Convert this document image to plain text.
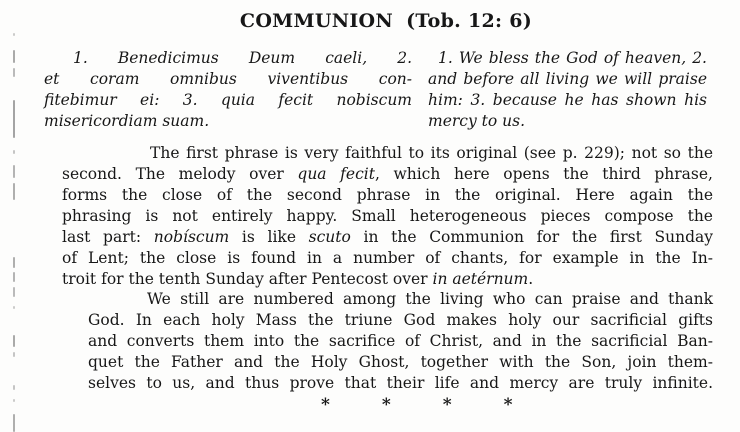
COMMUNION (Tob. 12: 6)
1. Benedicimus Deum caeli, 2.
et coram omnibus viventibus con-
fitebimur ei: 3. quia fecit nobiscum
misericordiam suam.
1. We bless the God of heaven, 2.
and before all living we will praise
him: 3. because he has shown his
mercy to us.
The first phrase is very faithful to its original (see p. 229); not so the
second. The melody over qua fecit, which here opens the third phrase,
forms the close of the second phrase in the original. Here again the
phrasing is not entirely happy. Small heterogeneous pieces compose the
last part: nobíscum is like scuto in the Communion for the first Sunday
of Lent; the close is found in a number of chants, for example in the In-
troit for the tenth Sunday after Pentecost over in aetérnum.
We still are numbered among the living who can praise and thank
God. In each holy Mass the triune God makes holy our sacrificial gifts
and converts them into the sacrifice of Christ, and in the sacrificial Ban-
quet the Father and the Holy Ghost, together with the Son, join them-
selves to us, and thus prove that their life and mercy are truly infinite.
*	*	*	*
